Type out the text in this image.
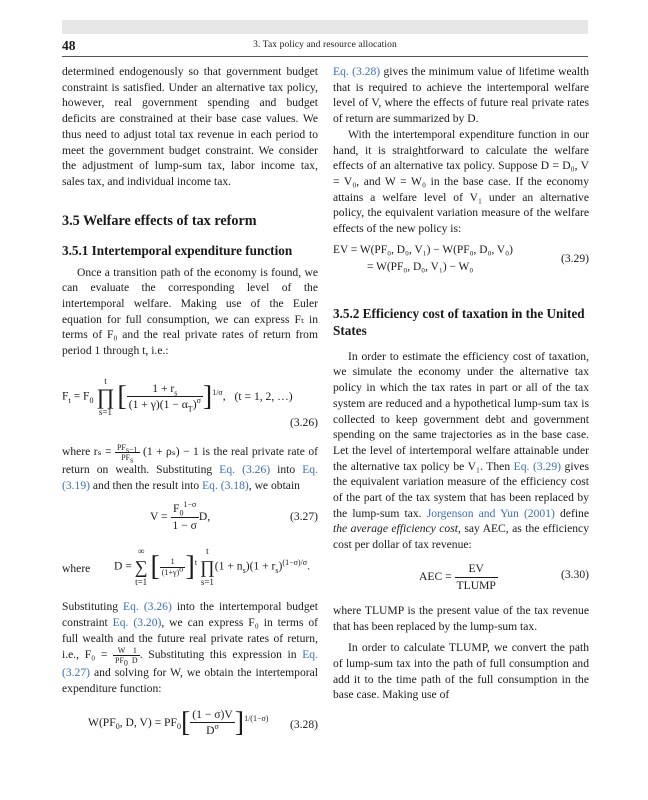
48	3. Tax policy and resource allocation

determined endogenously so that government budget constraint is satisfied. Under an alternative tax policy, however, real government spending and budget deficits are constrained at their base case values. We thus need to adjust total tax revenue in each period to meet the government budget constraint. We consider the adjustment of lump-sum tax, labor income tax, sales tax, and individual income tax.

3.5 Welfare effects of tax reform
3.5.1 Intertemporal expenditure function

Once a transition path of the economy is found, we can evaluate the corresponding level of the intertemporal welfare. Making use of the Euler equation for full consumption, we can express Fₜ in terms of F₀ and the real private rates of return from period 1 through t, i.e.:

$F_t = F_0$ t
∏
s=1 [ $\frac{1 + r_s}{(1 + \gamma)(1 - \alpha_T)^\sigma} ]^{1/\sigma}$, (t = 1, 2, …)
(3.26)

where $r_s = \frac{PF_{s-1}}{PF_s} (1 + \rho_s) - 1$ is the real private rate of return on wealth. Substituting Eq. (3.26) into Eq. (3.19) and then the result into Eq. (3.18), we obtain

$V = \frac{F_0^{1-\sigma}}{1 - \sigma} D$,	(3.27)
where D = ∞
∑
t=1 [ $\frac{1}{(1+\gamma)^\sigma} ]^t$ t
∏
$s=1(1 + n_s)(1 + r_s)^{(1-\sigma)/\sigma}$.

Substituting Eq. (3.26) into the intertemporal budget constraint Eq. (3.20), we can express F₀ in terms of full wealth and the future real private rates of return, i.e., $F_0 = \frac{W}{PF_0} \frac{1}{D}$ . Substituting this expression in Eq. (3.27) and solving for W, we obtain the intertemporal expenditure function:

$W(PF_0$, D, $V) = PF_0[ \frac{(1 - \sigma)V}{D^\sigma} ]^{1/(1-\sigma)}$ (3.28)

Eq. (3.28) gives the minimum value of lifetime wealth that is required to achieve the intertemporal welfare level of V, where the effects of future real private rates of return are summarized by D.

With the intertemporal expenditure function in our hand, it is straightforward to calculate the welfare effects of an alternative tax policy. Suppose D = D₀, V = V₀, and W = W₀ in the base case. If the economy attains a welfare level of V₁ under an alternative policy, the equivalent variation measure of the welfare effects of the new policy is:

EV = W(PF₀, D₀, V₁) − W(PF₀, D₀, V₀)
= W(PF₀, D₀, V₁) − W₀
(3.29)
3.5.2 Efficiency cost of taxation in the United States

In order to estimate the efficiency cost of taxation, we simulate the economy under the alternative tax policy in which the tax rates in part or all of the tax system are reduced and a hypothetical lump-sum tax is collected to keep government debt and government spending on the same trajectories as in the base case. Let the level of intertemporal welfare attainable under the alternative tax policy be V₁. Then Eq. (3.29) gives the equivalent variation measure of the efficiency cost of the part of the tax system that has been replaced by the lump-sum tax. Jorgenson and Yun (2001) define the average efficiency cost, say AEC, as the efficiency cost per dollar of tax revenue:

AEC = $\frac{EV}{\text{TLUMP}}$	(3.30)

where TLUMP is the present value of the tax revenue that has been replaced by the lump-sum tax.

In order to calculate TLUMP, we convert the path of lump-sum tax into the path of full consumption and add it to the time path of the full consumption in the base case. Making use of
